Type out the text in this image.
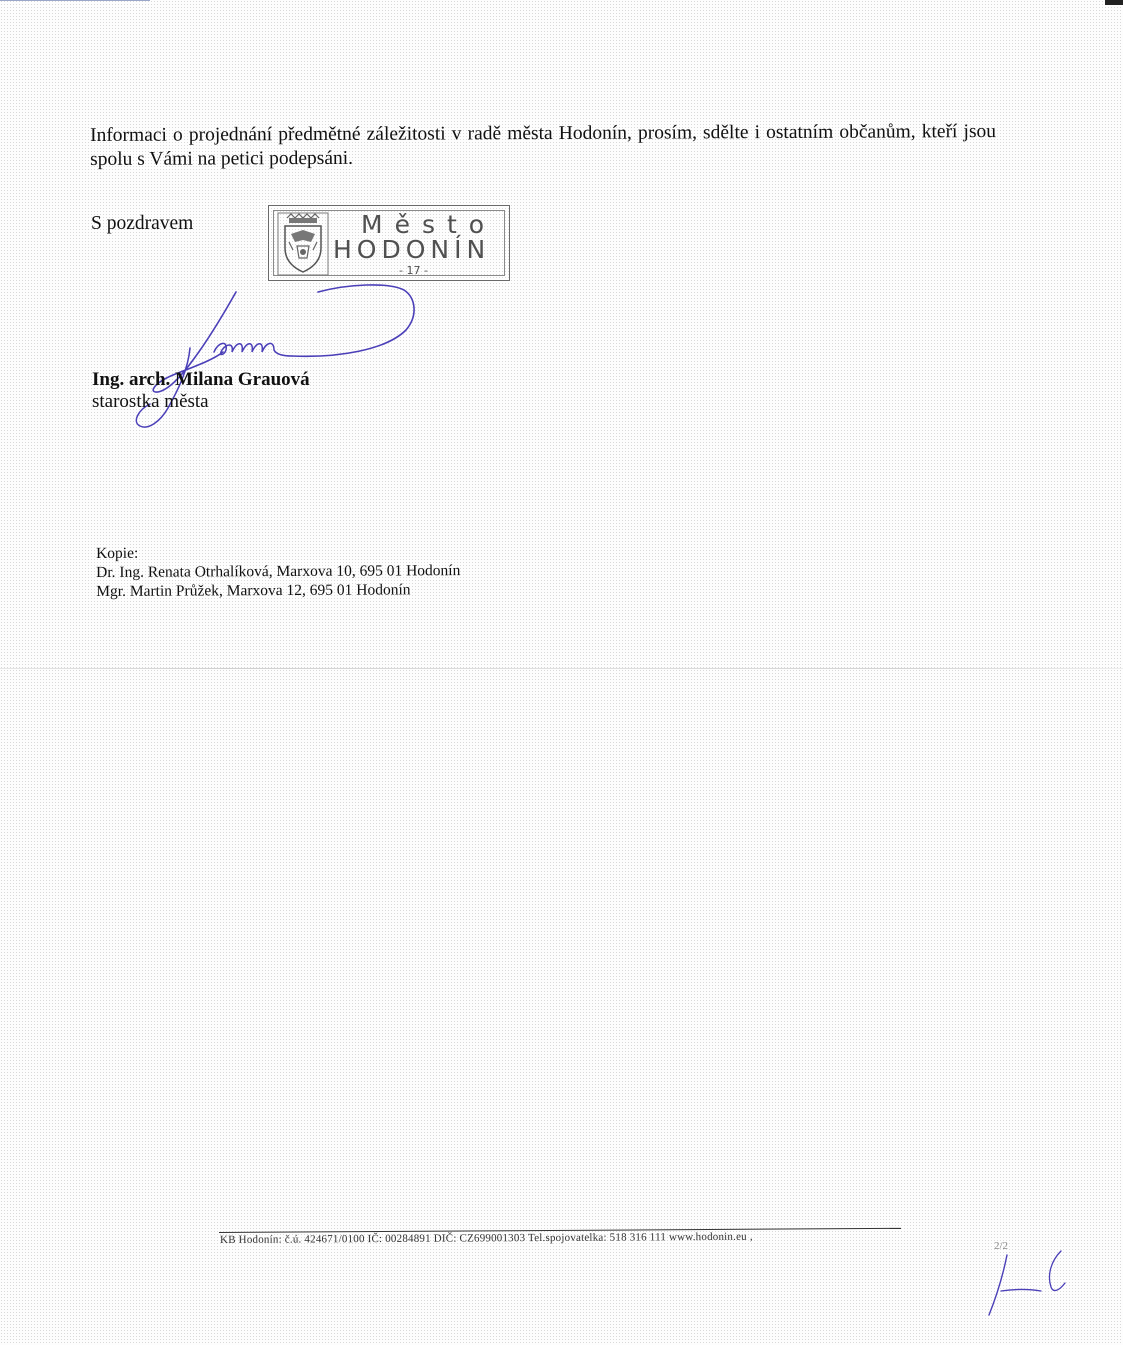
Informaci o projednání předmětné záležitosti v radě města Hodonín, prosím, sdělte i ostatním občanům, kteří jsou spolu s Vámi na petici podepsáni.

S pozdravem	Město
HODONÍN
- 17 -
Ing. arch. Milana Grauová
starostka města
Kopie:
Dr. Ing. Renata Otrhalíková, Marxova 10, 695 01 Hodonín
Mgr. Martin Průžek, Marxova 12, 695 01 Hodonín
KB Hodonín: č.ú. 424671/0100 IČ: 00284891 DIČ: CZ699001303 Tel.spojovatelka: 518 316 111 www.hodonin.eu ,
2/2
